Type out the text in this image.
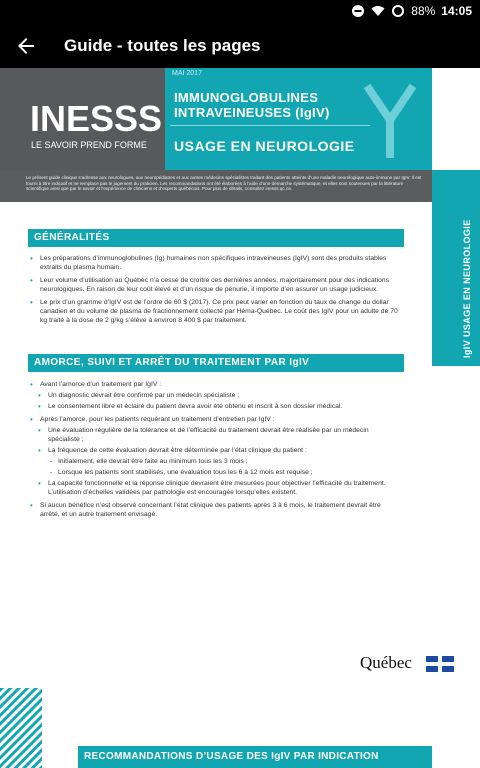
88% 14:05
Guide - toutes les pages
INESSS
LE SAVOIR PREND FORME
MAI 2017
IMMUNOGLOBULINES INTRAVEINEUSES (IgIV)
USAGE EN NEUROLOGIE
Le présent guide clinique s’adresse aux neurologues, aux neuropédiatres et aux autres médecins spécialistes traitant des patients atteints d’une maladie neurologique auto-immune par IgIV. Il est fourni à titre indicatif et ne remplace pas le jugement du praticien. Les recommandations ont été élaborées à l’aide d’une démarche systématique, et elles sont soutenues par la littérature scientifique ainsi que par le savoir et l’expérience de cliniciens et d’experts québécois. Pour plus de détails, consultez inesss.qc.ca.
IgIV USAGE EN NEUROLOGIE
GÉNÉRALITÉS
• Les préparations d’immunoglobulines (Ig) humaines non spécifiques intraveineuses (IgIV) sont des produits stables extraits du plasma humain.
• Leur volume d’utilisation au Québec n’a cessé de croître ces dernières années, majoritairement pour des indications neurologiques. En raison de leur coût élevé et d’un risque de pénurie, il importe d’en assurer un usage judicieux.
• Le prix d’un gramme d’IgIV est de l’ordre de 60 $ (2017). Ce prix peut varier en fonction du taux de change du dollar canadien et du volume de plasma de fractionnement collecté par Héma-Québec. Le coût des IgIV pour un adulte de 70 kg traité à la dose de 2 g/kg s’élève à environ 8 400 $ par traitement.
AMORCE, SUIVI ET ARRÊT DU TRAITEMENT PAR IgIV
• Avant l’amorce d’un traitement par IgIV :
• Un diagnostic devrait être confirmé par un médecin spécialiste ;
• Le consentement libre et éclairé du patient devra avoir été obtenu et inscrit à son dossier médical.
• Après l’amorce, pour les patients requérant un traitement d’entretien par IgIV :
• Une évaluation régulière de la tolérance et de l’efficacité du traitement devrait être réalisée par un médecin spécialiste ;
• La fréquence de cette évaluation devrait être déterminée par l’état clinique du patient :
- Initialement, elle devrait être faite au minimum tous les 3 mois ;
- Lorsque les patients sont stabilisés, une évaluation tous les 6 à 12 mois est requise ;
• La capacité fonctionnelle et la réponse clinique devraient être mesurées pour objectiver l’efficacité du traitement. L’utilisation d’échelles validées par pathologie est encouragée lorsqu’elles existent.
• Si aucun bénéfice n’est observé concernant l’état clinique des patients après 3 à 6 mois, le traitement devrait être arrêté, et un autre traitement envisagé.
Québec
RECOMMANDATIONS D’USAGE DES IgIV PAR INDICATION
